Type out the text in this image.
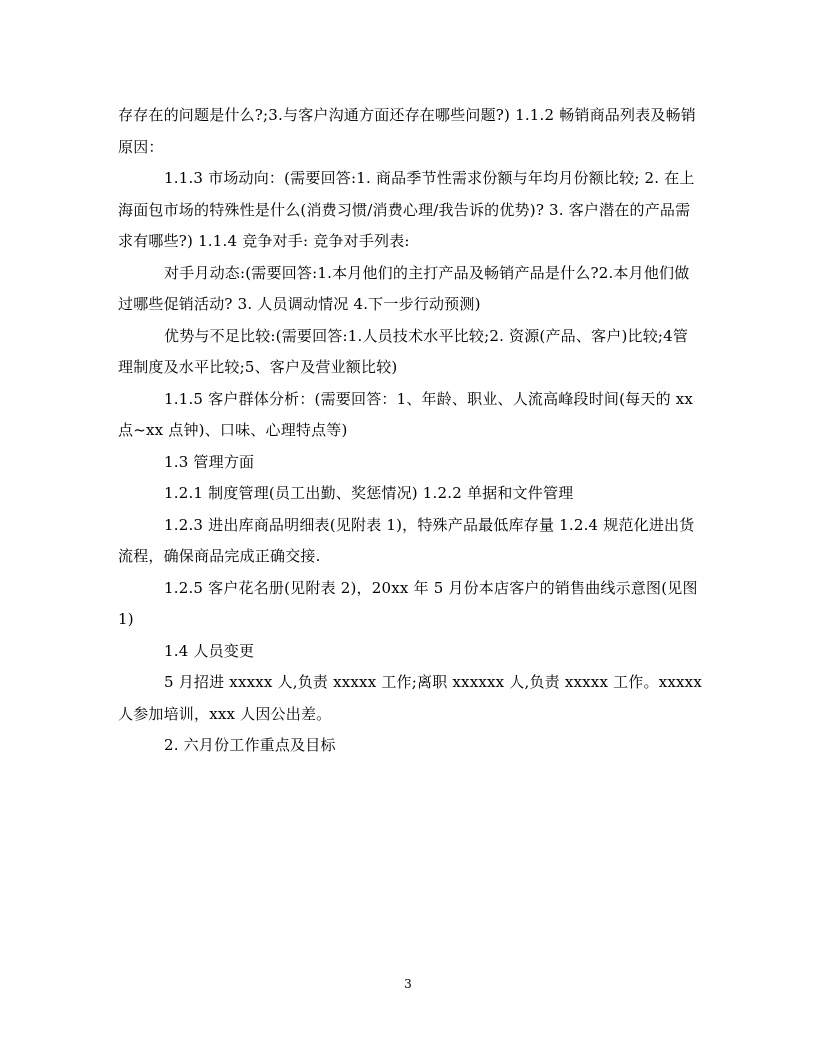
存存在的问题是什么?;3.与客户沟通方面还存在哪些问题?) 1.1.2 畅销商品列表及畅销原因：

1.1.3 市场动向：(需要回答:1. 商品季节性需求份额与年均月份额比较; 2. 在上海面包市场的特殊性是什么(消费习惯/消费心理/我告诉的优势)? 3. 客户潜在的产品需求有哪些?) 1.1.4 竞争对手: 竞争对手列表:

对手月动态:(需要回答:1.本月他们的主打产品及畅销产品是什么?2.本月他们做过哪些促销活动? 3. 人员调动情况 4.下一步行动预测)

优势与不足比较:(需要回答:1.人员技术水平比较;2. 资源(产品、客户)比较;4管理制度及水平比较;5、客户及营业额比较)

1.1.5 客户群体分析：(需要回答：1、年龄、职业、人流高峰段时间(每天的 xx 点~xx 点钟)、口味、心理特点等)

1.3 管理方面

1.2.1 制度管理(员工出勤、奖惩情况) 1.2.2 单据和文件管理

1.2.3 进出库商品明细表(见附表 1)，特殊产品最低库存量 1.2.4 规范化进出货流程，确保商品完成正确交接.

1.2.5 客户花名册(见附表 2)，20xx 年 5 月份本店客户的销售曲线示意图(见图 1)

1.4 人员变更

5 月招进 xxxxx 人,负责 xxxxx 工作;离职 xxxxxx 人,负责 xxxxx 工作。xxxxx 人参加培训，xxx 人因公出差。

2. 六月份工作重点及目标

3
